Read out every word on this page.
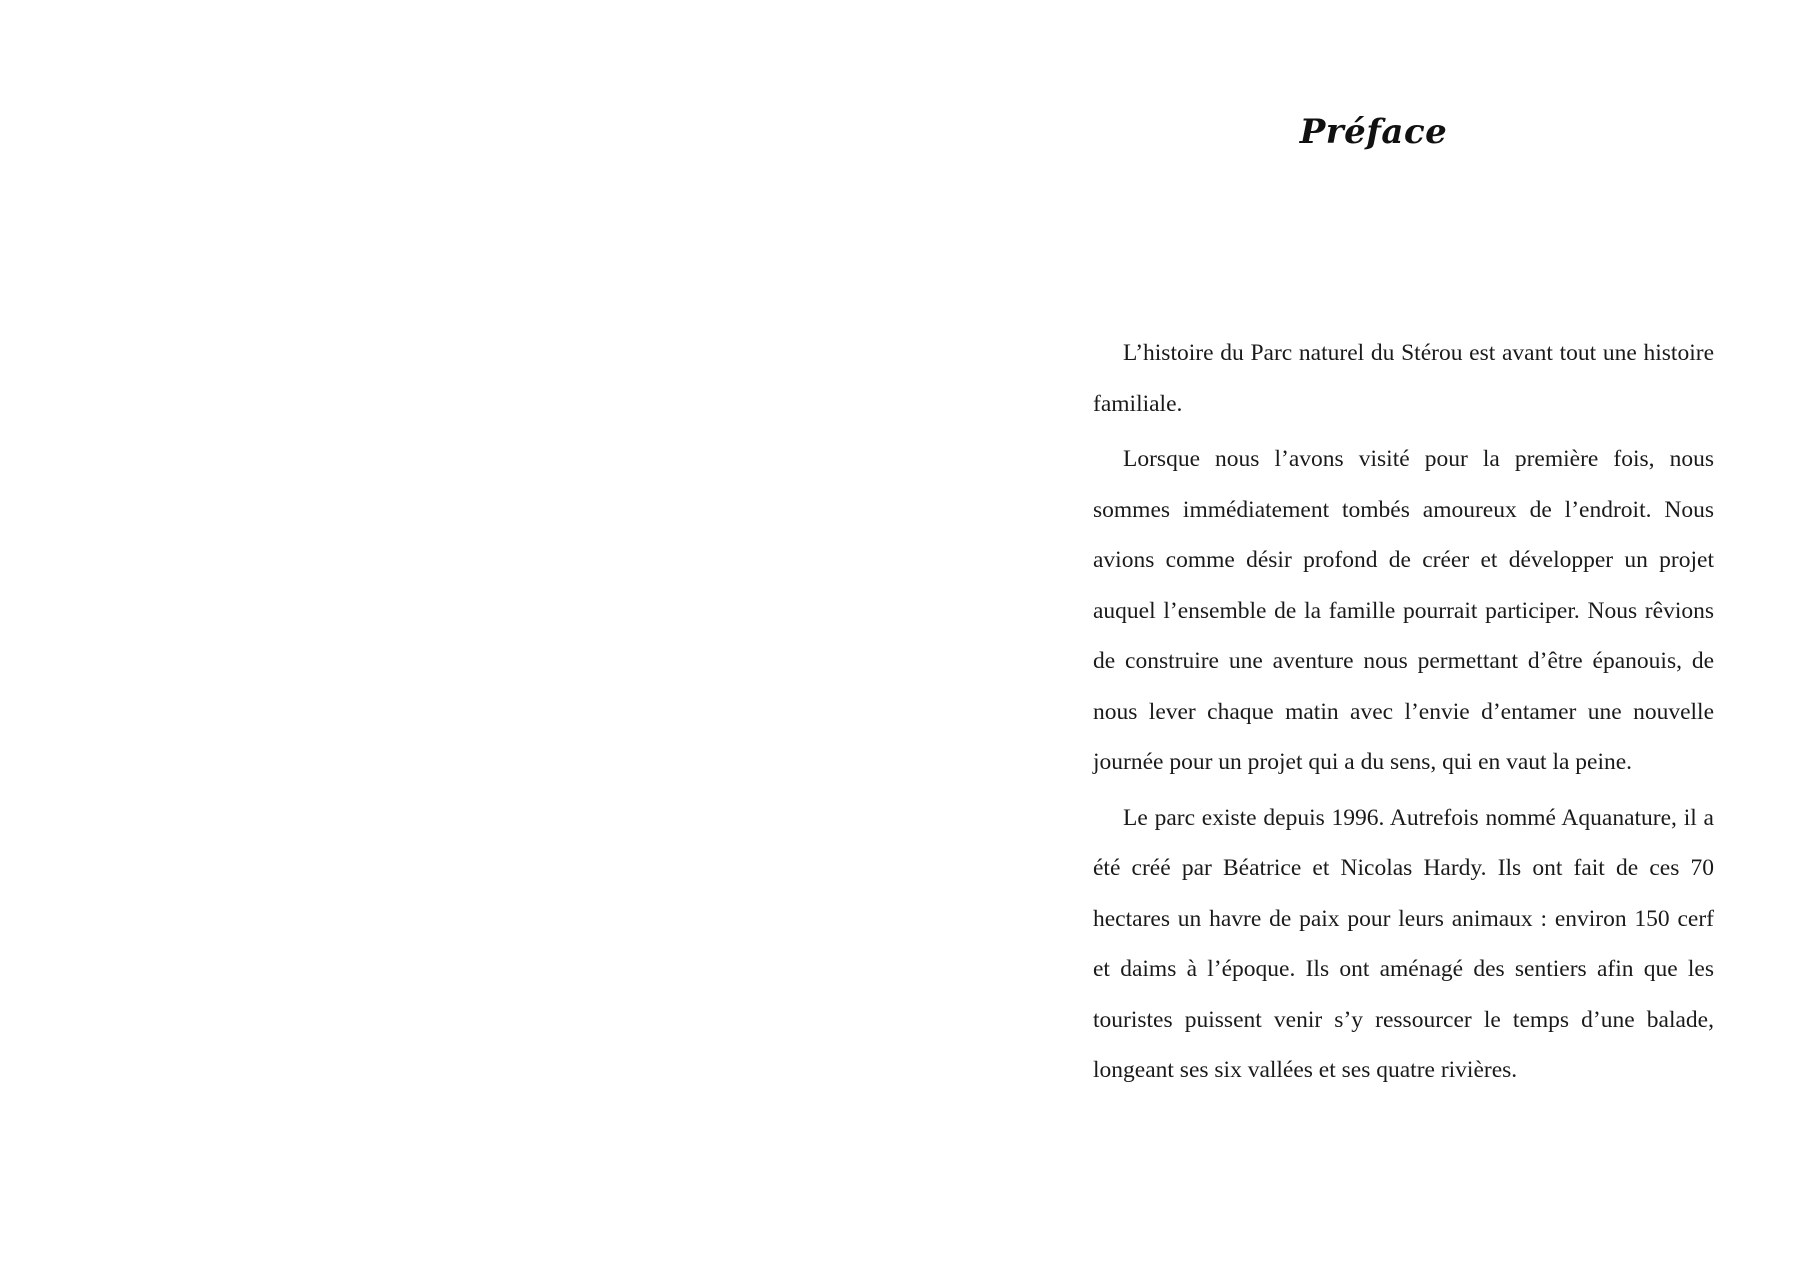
Préface

L’histoire du Parc naturel du Stérou est avant tout une histoire familiale.

Lorsque nous l’avons visité pour la première fois, nous sommes immédiatement tombés amoureux de l’endroit. Nous avions comme désir profond de créer et développer un projet auquel l’ensemble de la famille pourrait participer. Nous rêvions de construire une aventure nous permettant d’être épanouis, de nous lever chaque matin avec l’envie d’entamer une nouvelle journée pour un projet qui a du sens, qui en vaut la peine.

Le parc existe depuis 1996. Autrefois nommé Aquanature, il a été créé par Béatrice et Nicolas Hardy. Ils ont fait de ces 70 hectares un havre de paix pour leurs animaux : environ 150 cerf et daims à l’époque. Ils ont aménagé des sentiers afin que les touristes puissent venir s’y ressourcer le temps d’une balade, longeant ses six vallées et ses quatre rivières.
